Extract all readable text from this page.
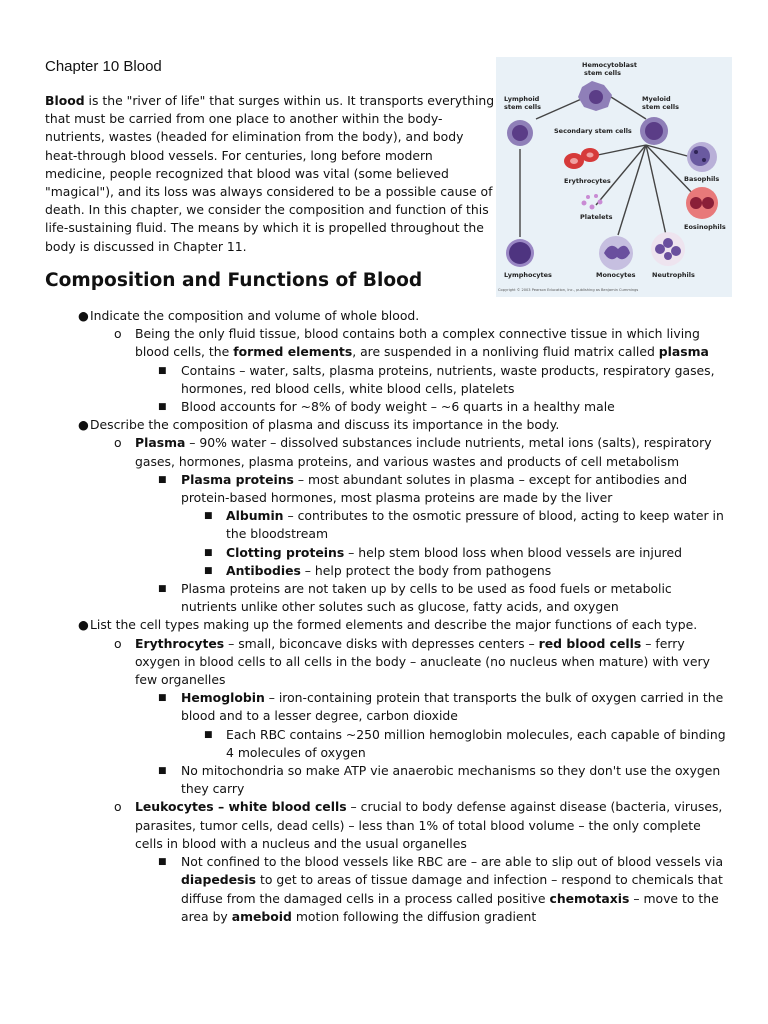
Chapter 10 Blood

Blood is the "river of life" that surges within us. It transports everything that must be carried from one place to another within the body-nutrients, wastes (headed for elimination from the body), and body heat-through blood vessels. For centuries, long before modern medicine, people recognized that blood was vital (some believed "magical"), and its loss was always considered to be a possible cause of death. In this chapter, we consider the composition and function of this life-sustaining fluid. The means by which it is propelled throughout the body is discussed in Chapter 11.

Hemocytoblast
stem cells
Lymphoid
stem cells
Myeloid
stem cells
Secondary stem cells
Erythrocytes	Basophils
Platelets
Eosinophils
Lymphocytes	Monocytes	Neutrophils
Copyright © 2003 Pearson Education, Inc., publishing as Benjamin Cummings
Composition and Functions of Blood
● Indicate the composition and volume of whole blood.
o Being the only fluid tissue, blood contains both a complex connective tissue in which living blood cells, the formed elements, are suspended in a nonliving fluid matrix called plasma
■ Contains – water, salts, plasma proteins, nutrients, waste products, respiratory gases, hormones, red blood cells, white blood cells, platelets
■ Blood accounts for ~8% of body weight – ~6 quarts in a healthy male
● Describe the composition of plasma and discuss its importance in the body.
o Plasma – 90% water – dissolved substances include nutrients, metal ions (salts), respiratory gases, hormones, plasma proteins, and various wastes and products of cell metabolism
■ Plasma proteins – most abundant solutes in plasma – except for antibodies and protein-based hormones, most plasma proteins are made by the liver
■ Albumin – contributes to the osmotic pressure of blood, acting to keep water in the bloodstream
■ Clotting proteins – help stem blood loss when blood vessels are injured
■ Antibodies – help protect the body from pathogens
■ Plasma proteins are not taken up by cells to be used as food fuels or metabolic nutrients unlike other solutes such as glucose, fatty acids, and oxygen
● List the cell types making up the formed elements and describe the major functions of each type.
o Erythrocytes – small, biconcave disks with depresses centers – red blood cells – ferry oxygen in blood cells to all cells in the body – anucleate (no nucleus when mature) with very few organelles
■ Hemoglobin – iron-containing protein that transports the bulk of oxygen carried in the blood and to a lesser degree, carbon dioxide
■ Each RBC contains ~250 million hemoglobin molecules, each capable of binding 4 molecules of oxygen
■ No mitochondria so make ATP vie anaerobic mechanisms so they don't use the oxygen they carry
o Leukocytes – white blood cells – crucial to body defense against disease (bacteria, viruses, parasites, tumor cells, dead cells) – less than 1% of total blood volume – the only complete cells in blood with a nucleus and the usual organelles
■ Not confined to the blood vessels like RBC are – are able to slip out of blood vessels via diapedesis to get to areas of tissue damage and infection – respond to chemicals that diffuse from the damaged cells in a process called positive chemotaxis – move to the area by ameboid motion following the diffusion gradient
